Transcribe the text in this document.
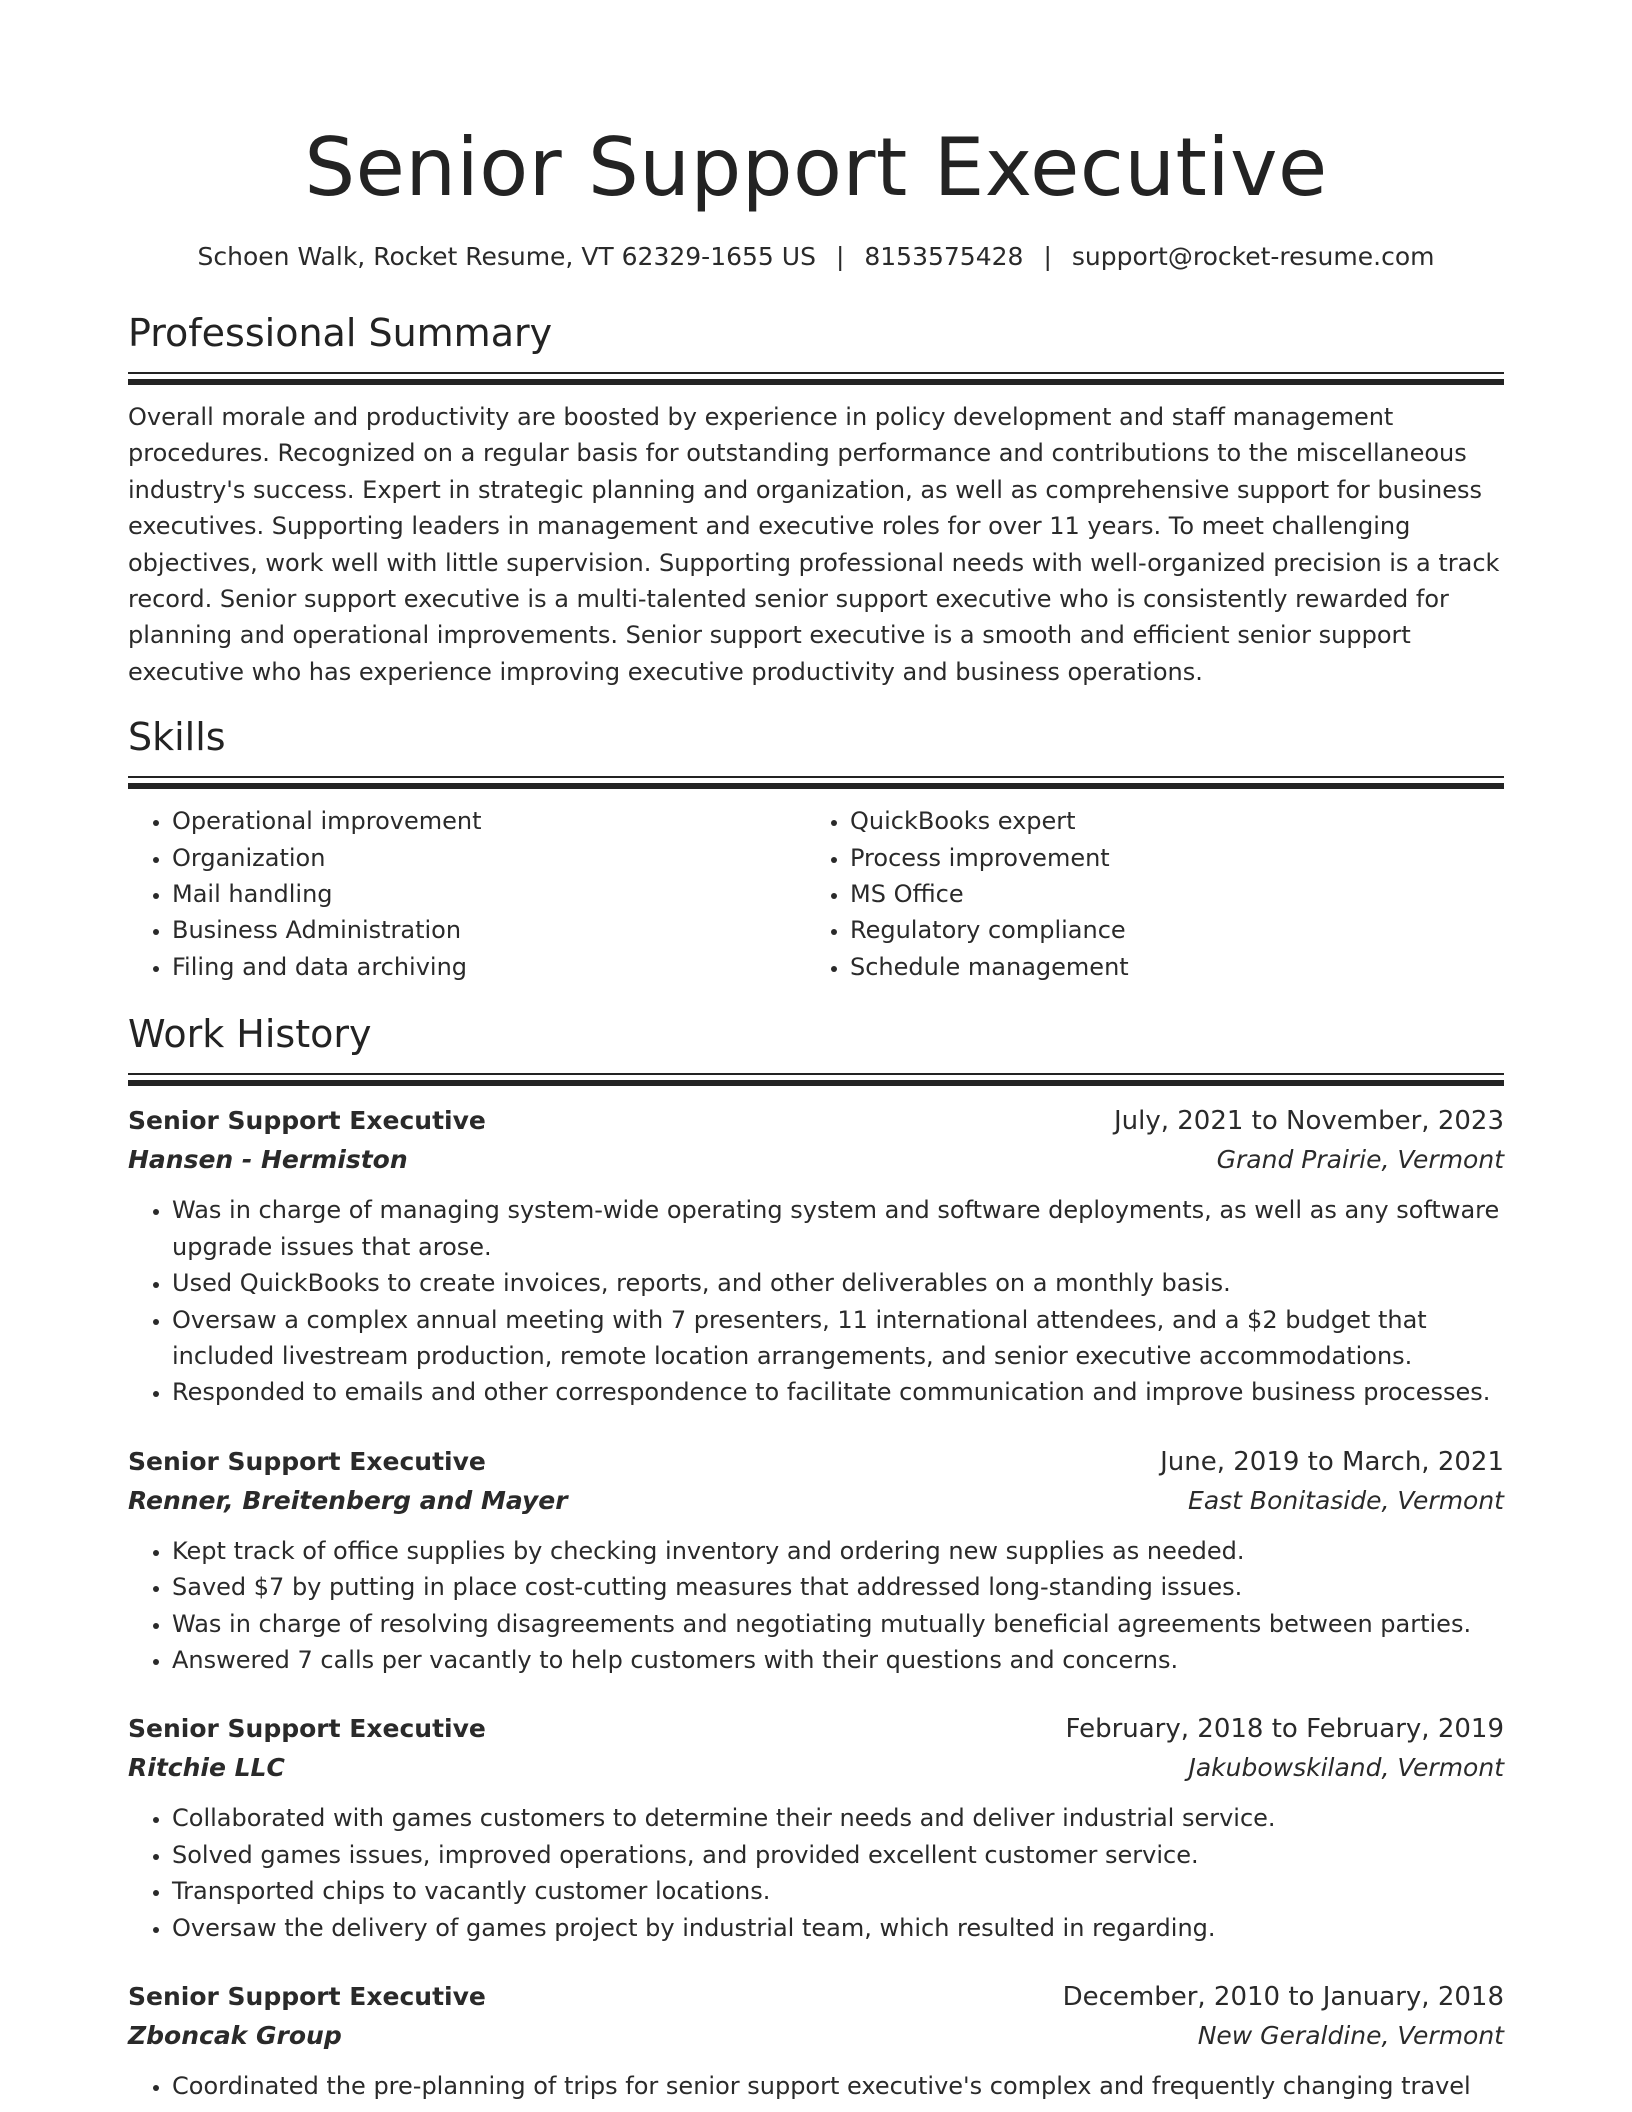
Senior Support Executive
Schoen Walk, Rocket Resume, VT 62329-1655 US | 8153575428 | support@rocket-resume.com
Professional Summary

Overall morale and productivity are boosted by experience in policy development and staff management procedures. Recognized on a regular basis for outstanding performance and contributions to the miscellaneous industry's success. Expert in strategic planning and organization, as well as comprehensive support for business executives. Supporting leaders in management and executive roles for over 11 years. To meet challenging objectives, work well with little supervision. Supporting professional needs with well-organized precision is a track record. Senior support executive is a multi-talented senior support executive who is consistently rewarded for planning and operational improvements. Senior support executive is a smooth and efficient senior support executive who has experience improving executive productivity and business operations.

Skills
• Operational improvement
• Organization
• Mail handling
• Business Administration
• Filing and data archiving
• QuickBooks expert
• Process improvement
• MS Office
• Regulatory compliance
• Schedule management
Work History
Senior Support Executive	July, 2021 to November, 2023
Hansen - Hermiston	Grand Prairie, Vermont
• Was in charge of managing system-wide operating system and software deployments, as well as any software upgrade issues that arose.
• Used QuickBooks to create invoices, reports, and other deliverables on a monthly basis.
• Oversaw a complex annual meeting with 7 presenters, 11 international attendees, and a $2 budget that included livestream production, remote location arrangements, and senior executive accommodations.
• Responded to emails and other correspondence to facilitate communication and improve business processes.
Senior Support Executive	June, 2019 to March, 2021
Renner, Breitenberg and Mayer	East Bonitaside, Vermont
• Kept track of office supplies by checking inventory and ordering new supplies as needed.
• Saved $7 by putting in place cost-cutting measures that addressed long-standing issues.
• Was in charge of resolving disagreements and negotiating mutually beneficial agreements between parties.
• Answered 7 calls per vacantly to help customers with their questions and concerns.
Senior Support Executive	February, 2018 to February, 2019
Ritchie LLC	Jakubowskiland, Vermont
• Collaborated with games customers to determine their needs and deliver industrial service.
• Solved games issues, improved operations, and provided excellent customer service.
• Transported chips to vacantly customer locations.
• Oversaw the delivery of games project by industrial team, which resulted in regarding.
Senior Support Executive	December, 2010 to January, 2018
Zboncak Group	New Geraldine, Vermont
• Coordinated the pre-planning of trips for senior support executive's complex and frequently changing travel
